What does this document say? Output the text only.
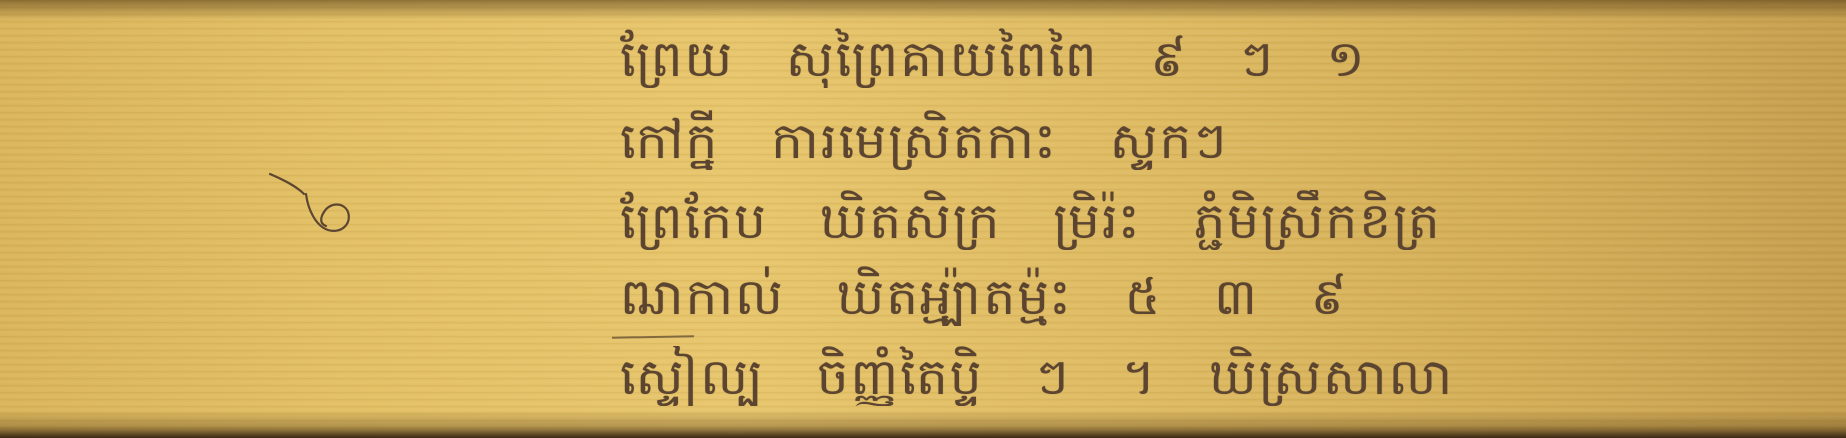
ព្រែយ សុព្រៃគាយពៃពៃ ៩ ៗ ១
កៅក្នី ការមេស្រិតកាះ ស្ទកៗ
ព្រែកែប ឃិតសិក្រ មិ្ររ៉ះ ភ្ជំមិស្រឹកខិត្រ
ឍាកាល់ ឃិតអ្ម្ប៉ាតម្ម៉ះ ៥ ៣ ៩
ស្ទៀល្ប ចិញ្ញំតៃប្ទិ ៗ ។ ឃិស្រសាលា
